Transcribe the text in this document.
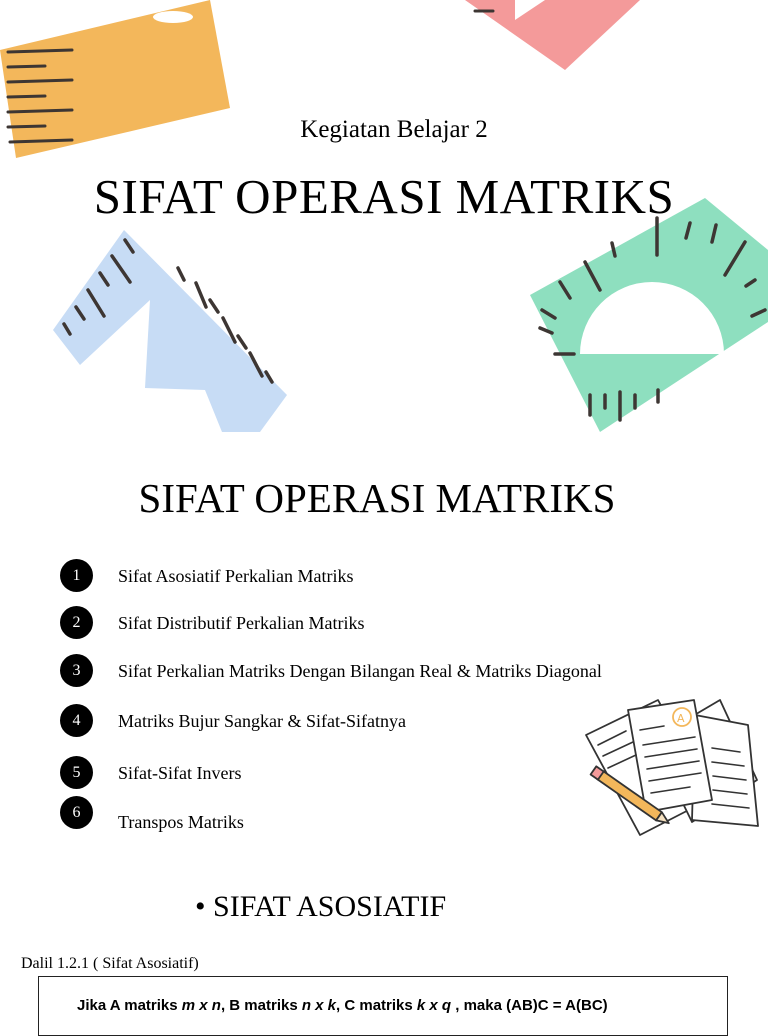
A
Kegiatan Belajar 2
SIFAT OPERASI MATRIKS
SIFAT OPERASI MATRIKS
1	Sifat Asosiatif Perkalian Matriks
2	Sifat Distributif Perkalian Matriks
3	Sifat Perkalian Matriks Dengan Bilangan Real & Matriks Diagonal
4	Matriks Bujur Sangkar & Sifat-Sifatnya
5	Sifat-Sifat Invers
6	Transpos Matriks
• SIFAT ASOSIATIF
Dalil 1.2.1 ( Sifat Asosiatif)
Jika A matriks m x n, B matriks n x k, C matriks k x q , maka (AB)C = A(BC)
